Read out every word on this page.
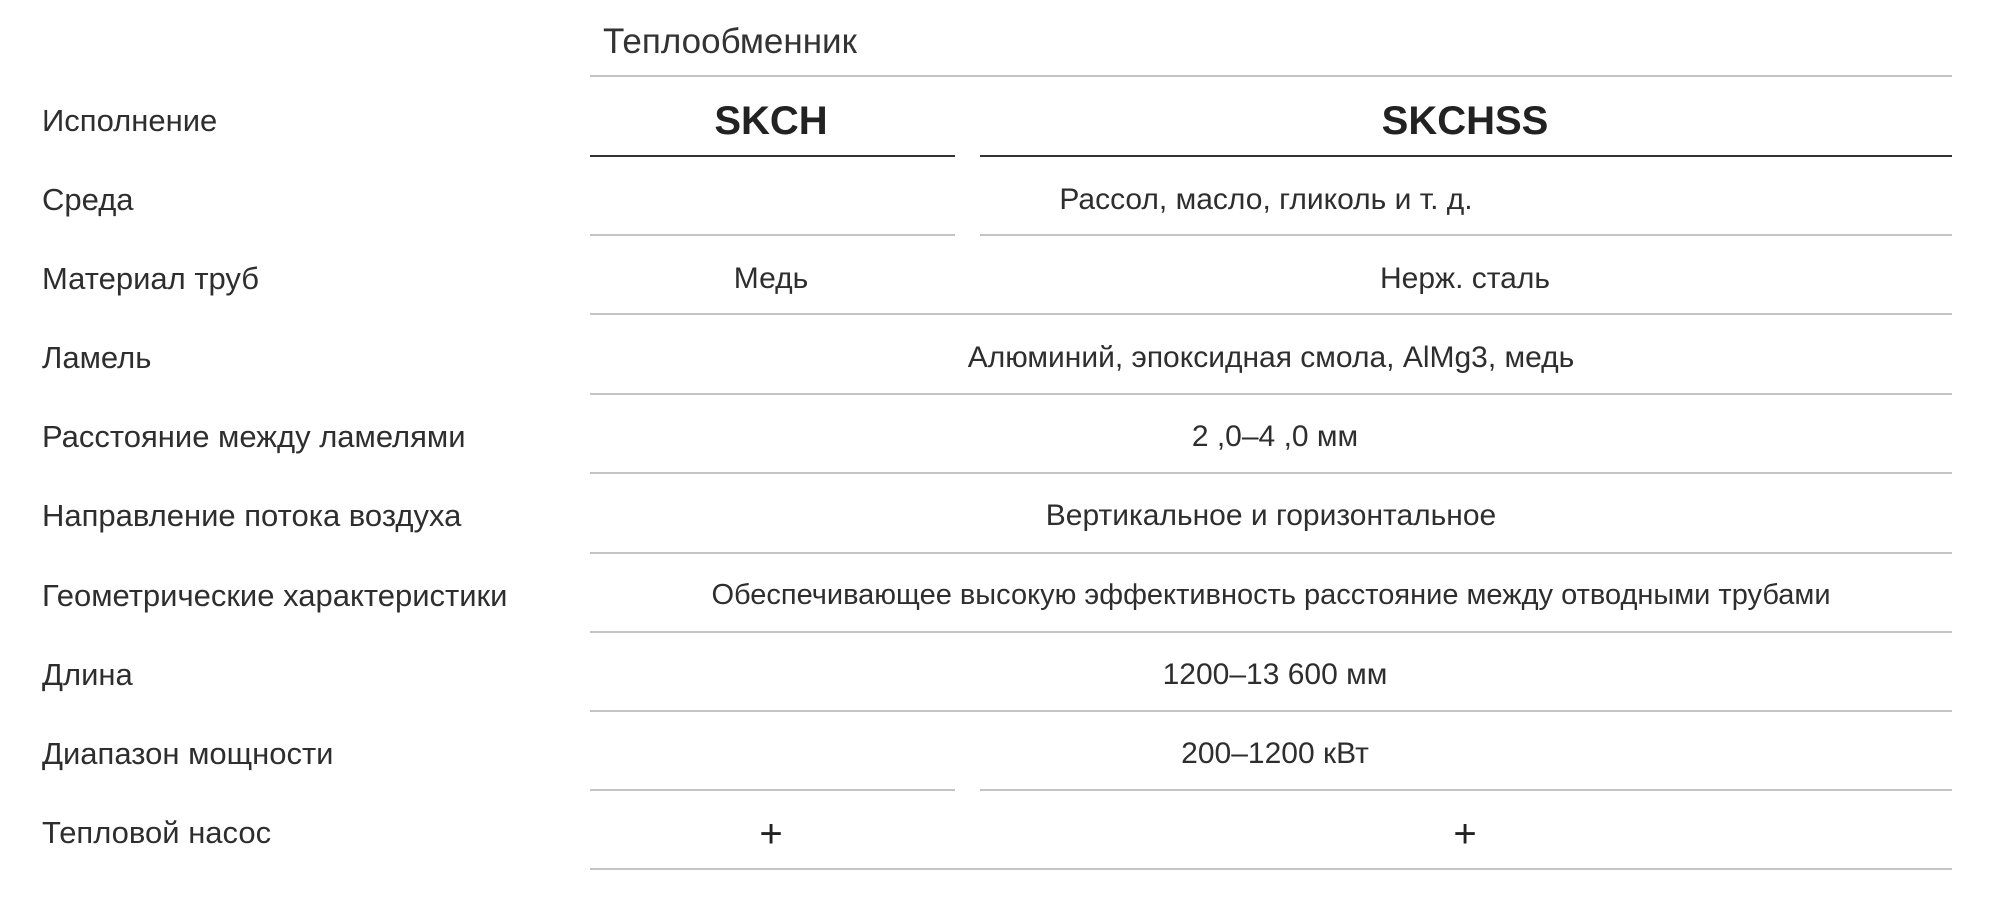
Теплообменник
Исполнение	SKCH	SKCHSS
Среда	Рассол, масло, гликоль и т. д.
Материал труб	Медь	Нерж. сталь
Ламель	Алюминий, эпоксидная смола, AlMg3, медь
Расстояние между ламелями	2 ,0–4 ,0 мм
Направление потока воздуха	Вертикальное и горизонтальное
Геометрические характеристики	Обеспечивающее высокую эффективность расстояние между отводными трубами
Длина	1200–13 600 мм
Диапазон мощности	200–1200 кВт
Тепловой насос	+	+
